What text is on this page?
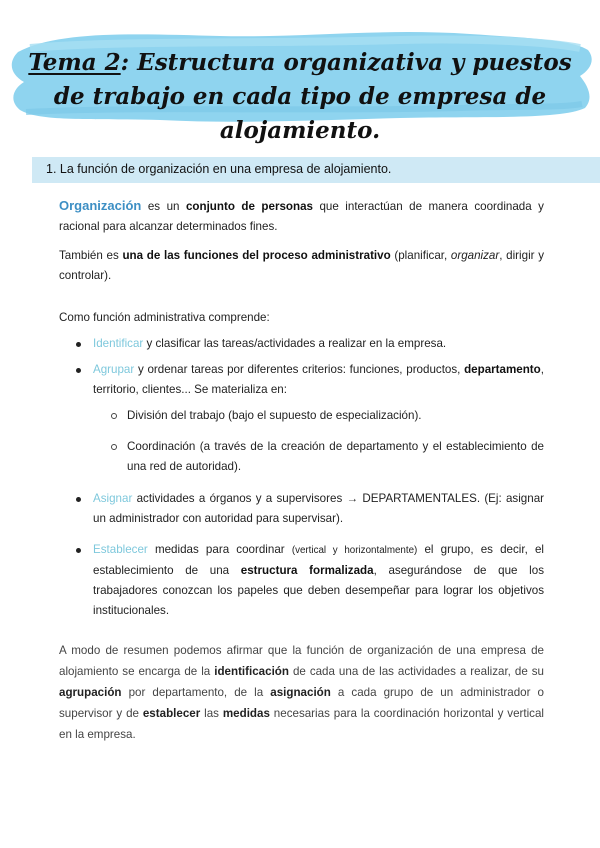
Tema 2: Estructura organizativa y puestos de trabajo en cada tipo de empresa de alojamiento.
1. La función de organización en una empresa de alojamiento.

Organización es un conjunto de personas que interactúan de manera coordinada y racional para alcanzar determinados fines.

También es una de las funciones del proceso administrativo (planificar, organizar, dirigir y controlar).

Como función administrativa comprende:

Identificar y clasificar las tareas/actividades a realizar en la empresa.
Agrupar y ordenar tareas por diferentes criterios: funciones, productos, departamento, territorio, clientes... Se materializa en:
División del trabajo (bajo el supuesto de especialización).
Coordinación (a través de la creación de departamento y el establecimiento de una red de autoridad).
Asignar actividades a órganos y a supervisores → DEPARTAMENTALES. (Ej: asignar un administrador con autoridad para supervisar).
Establecer medidas para coordinar (vertical y horizontalmente) el grupo, es decir, el establecimiento de una estructura formalizada, asegurándose de que los trabajadores conozcan los papeles que deben desempeñar para lograr los objetivos institucionales.

A modo de resumen podemos afirmar que la función de organización de una empresa de alojamiento se encarga de la identificación de cada una de las actividades a realizar, de su agrupación por departamento, de la asignación a cada grupo de un administrador o supervisor y de establecer las medidas necesarias para la coordinación horizontal y vertical en la empresa.
